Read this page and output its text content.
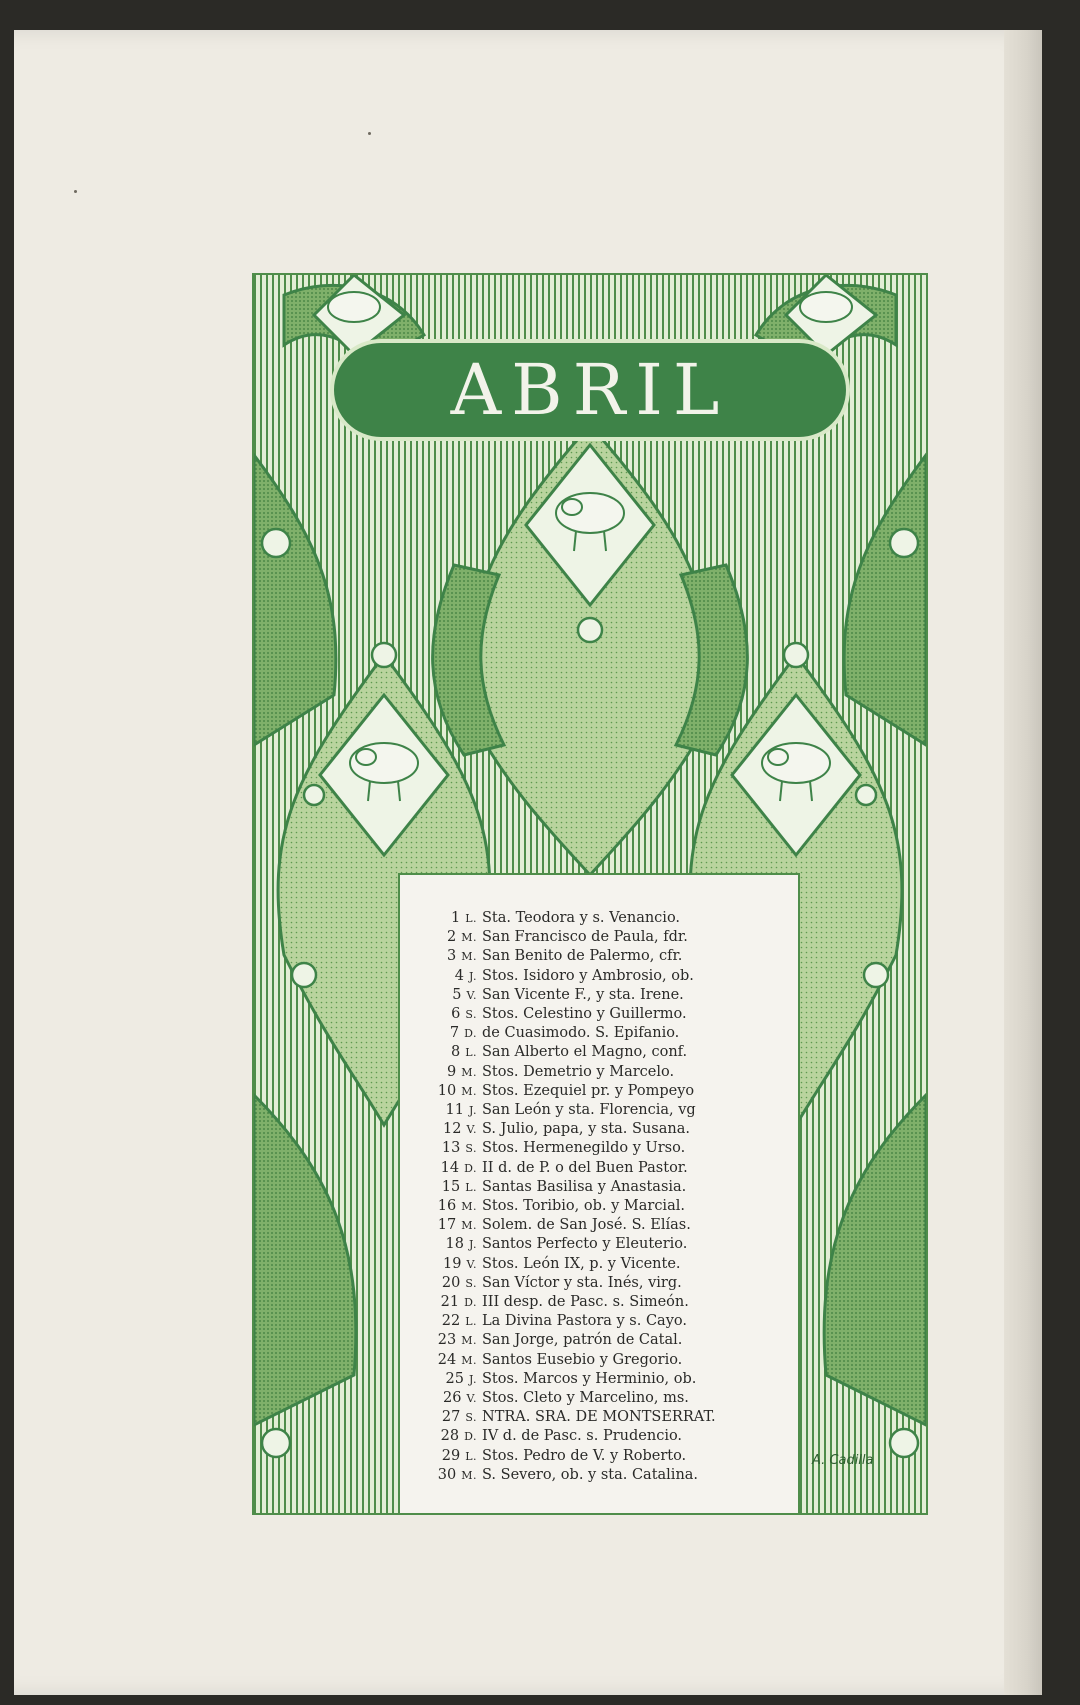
ABRIL
1 L. Sta. Teodora y s. Venancio.
2 M. San Francisco de Paula, fdr.
3 M. San Benito de Palermo, cfr.
4 J. Stos. Isidoro y Ambrosio, ob.
5 V. San Vicente F., y sta. Irene.
6 S. Stos. Celestino y Guillermo.
7 D. de Cuasimodo. S. Epifanio.
8 L. San Alberto el Magno, conf.
9 M. Stos. Demetrio y Marcelo.
10 M. Stos. Ezequiel pr. y Pompeyo
11 J. San León y sta. Florencia, vg
12 V. S. Julio, papa, y sta. Susana.
13 S. Stos. Hermenegildo y Urso.
14 D. II d. de P. o del Buen Pastor.
15 L. Santas Basilisa y Anastasia.
16 M. Stos. Toribio, ob. y Marcial.
17 M. Solem. de San José. S. Elías.
18 J. Santos Perfecto y Eleuterio.
19 V. Stos. León IX, p. y Vicente.
20 S. San Víctor y sta. Inés, virg.
21 D. III desp. de Pasc. s. Simeón.
22 L. La Divina Pastora y s. Cayo.
23 M. San Jorge, patrón de Catal.
24 M. Santos Eusebio y Gregorio.
25 J. Stos. Marcos y Herminio, ob.
26 V. Stos. Cleto y Marcelino, ms.
27 S. NTRA. SRA. DE MONTSERRAT.
28 D. IV d. de Pasc. s. Prudencio.
29 L. Stos. Pedro de V. y Roberto.
30 M. S. Severo, ob. y sta. Catalina.
A. Cadilla
